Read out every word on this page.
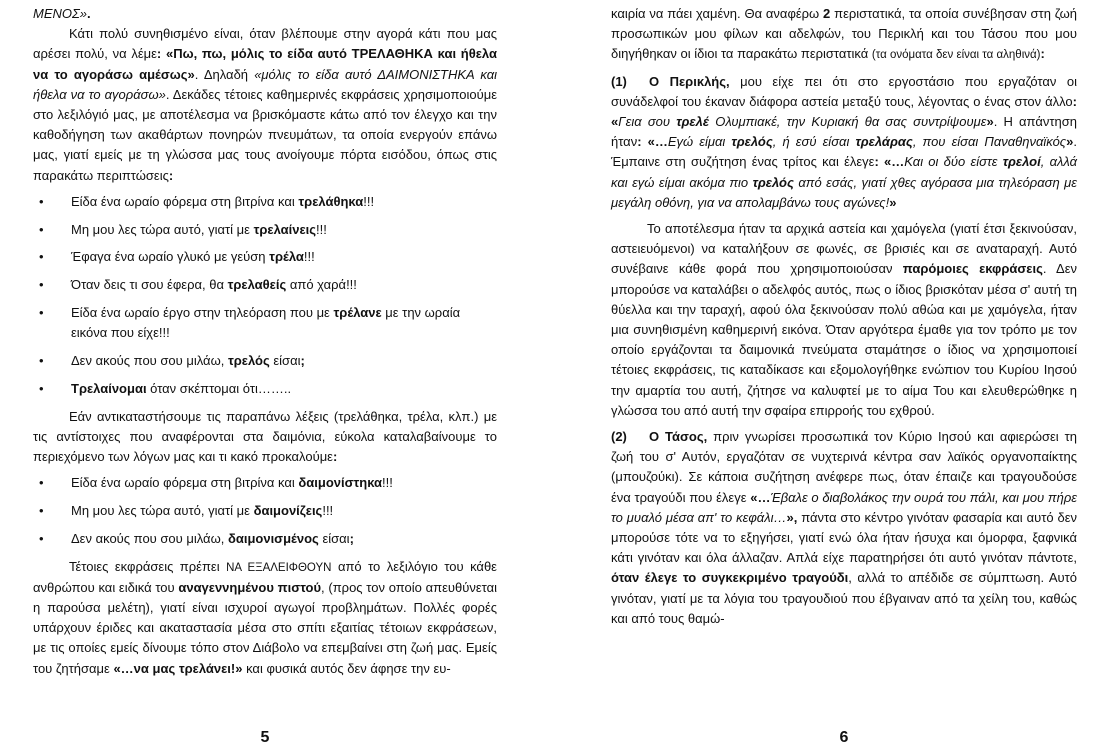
ΜΕΝΟΣ».

Κάτι πολύ συνηθισμένο είναι, όταν βλέπουμε στην αγορά κάτι που μας αρέσει πολύ, να λέμε: «Πω, πω, μόλις το είδα αυτό ΤΡΕΛΑΘΗΚΑ και ήθελα να το αγοράσω αμέσως». Δηλαδή «μόλις το είδα αυτό ΔΑΙΜΟΝΙΣΤΗΚΑ και ήθελα να το αγοράσω». Δεκάδες τέτοιες καθημερινές εκφράσεις χρησιμοποιούμε στο λεξιλόγιό μας, με αποτέλεσμα να βρισκόμαστε κάτω από τον έλεγχο και την καθοδήγηση των ακαθάρτων πονηρών πνευμάτων, τα οποία ενεργούν επάνω μας, γιατί εμείς με τη γλώσσα μας τους ανοίγουμε πόρτα εισόδου, όπως στις παρακάτω περιπτώσεις:

• Είδα ένα ωραίο φόρεμα στη βιτρίνα και τρελάθηκα!!!
• Μη μου λες τώρα αυτό, γιατί με τρελαίνεις!!!
• Έφαγα ένα ωραίο γλυκό με γεύση τρέλα!!!
• Όταν δεις τι σου έφερα, θα τρελαθείς από χαρά!!!
• Είδα ένα ωραίο έργο στην τηλεόραση που με τρέλανε με την ωραία εικόνα που είχε!!!
• Δεν ακούς που σου μιλάω, τρελός είσαι;
• Τρελαίνομαι όταν σκέπτομαι ότι……..

Εάν αντικαταστήσουμε τις παραπάνω λέξεις (τρελάθηκα, τρέλα, κλπ.) με τις αντίστοιχες που αναφέρονται στα δαιμόνια, εύκολα καταλαβαίνουμε το περιεχόμενο των λόγων μας και τι κακό προκαλούμε:

• Είδα ένα ωραίο φόρεμα στη βιτρίνα και δαιμονίστηκα!!!
• Μη μου λες τώρα αυτό, γιατί με δαιμονίζεις!!!
• Δεν ακούς που σου μιλάω, δαιμονισμένος είσαι;

Τέτοιες εκφράσεις πρέπει ΝΑ ΕΞΑΛΕΙΦΘΟΥΝ από το λεξιλόγιο του κάθε ανθρώπου και ειδικά του αναγεννημένου πιστού, (προς τον οποίο απευθύνεται η παρούσα μελέτη), γιατί είναι ισχυροί αγωγοί προβλημάτων. Πολλές φορές υπάρχουν έριδες και ακαταστασία μέσα στο σπίτι εξαιτίας τέτοιων εκφράσεων, με τις οποίες εμείς δίνουμε τόπο στον Διάβολο να επεμβαίνει στη ζωή μας. Εμείς του ζητήσαμε «…να μας τρελάνει!» και φυσικά αυτός δεν άφησε την ευ-

5

καιρία να πάει χαμένη. Θα αναφέρω 2 περιστατικά, τα οποία συνέβησαν στη ζωή προσωπικών μου φίλων και αδελφών, του Περικλή και του Τάσου που μου διηγήθηκαν οι ίδιοι τα παρακάτω περιστατικά (τα ονόματα δεν είναι τα αληθινά):

(1) Ο Περικλής, μου είχε πει ότι στο εργοστάσιο που εργαζόταν οι συνάδελφοί του έκαναν διάφορα αστεία μεταξύ τους, λέγοντας ο ένας στον άλλο: «Γεια σου τρελέ Ολυμπιακέ, την Κυριακή θα σας συντρίψουμε». Η απάντηση ήταν: «…Εγώ είμαι τρελός, ή εσύ είσαι τρελάρας, που είσαι Παναθηναϊκός». Έμπαινε στη συζήτηση ένας τρίτος και έλεγε: «…Και οι δύο είστε τρελοί, αλλά και εγώ είμαι ακόμα πιο τρελός από εσάς, γιατί χθες αγόρασα μια τηλεόραση με μεγάλη οθόνη, για να απολαμβάνω τους αγώνες!»

Το αποτέλεσμα ήταν τα αρχικά αστεία και χαμόγελα (γιατί έτσι ξεκινούσαν, αστειευόμενοι) να καταλήξουν σε φωνές, σε βρισιές και σε αναταραχή. Αυτό συνέβαινε κάθε φορά που χρησιμοποιούσαν παρόμοιες εκφράσεις. Δεν μπορούσε να καταλάβει ο αδελφός αυτός, πως ο ίδιος βρισκόταν μέσα σ' αυτή τη θύελλα και την ταραχή, αφού όλα ξεκινούσαν πολύ αθώα και με χαμόγελα, ήταν μια συνηθισμένη καθημερινή εικόνα. Όταν αργότερα έμαθε για τον τρόπο με τον οποίο εργάζονται τα δαιμονικά πνεύματα σταμάτησε ο ίδιος να χρησιμοποιεί τέτοιες εκφράσεις, τις καταδίκασε και εξομολογήθηκε ενώπιον του Κυρίου Ιησού την αμαρτία του αυτή, ζήτησε να καλυφτεί με το αίμα Του και ελευθερώθηκε η γλώσσα του από αυτή την σφαίρα επιρροής του εχθρού.

(2) Ο Τάσος, πριν γνωρίσει προσωπικά τον Κύριο Ιησού και αφιερώσει τη ζωή του σ' Αυτόν, εργαζόταν σε νυχτερινά κέντρα σαν λαϊκός οργανοπαίκτης (μπουζούκι). Σε κάποια συζήτηση ανέφερε πως, όταν έπαιζε και τραγουδούσε ένα τραγούδι που έλεγε «…Έβαλε ο διαβολάκος την ουρά του πάλι, και μου πήρε το μυαλό μέσα απ' το κεφάλι…», πάντα στο κέντρο γινόταν φασαρία και αυτό δεν μπορούσε τότε να το εξηγήσει, γιατί ενώ όλα ήταν ήσυχα και όμορφα, ξαφνικά κάτι γινόταν και όλα άλλαζαν. Απλά είχε παρατηρήσει ότι αυτό γινόταν πάντοτε, όταν έλεγε το συγκεκριμένο τραγούδι, αλλά το απέδιδε σε σύμπτωση. Αυτό γινόταν, γιατί με τα λόγια του τραγουδιού που έβγαιναν από τα χείλη του, καθώς και από τους θαμώ-

6
